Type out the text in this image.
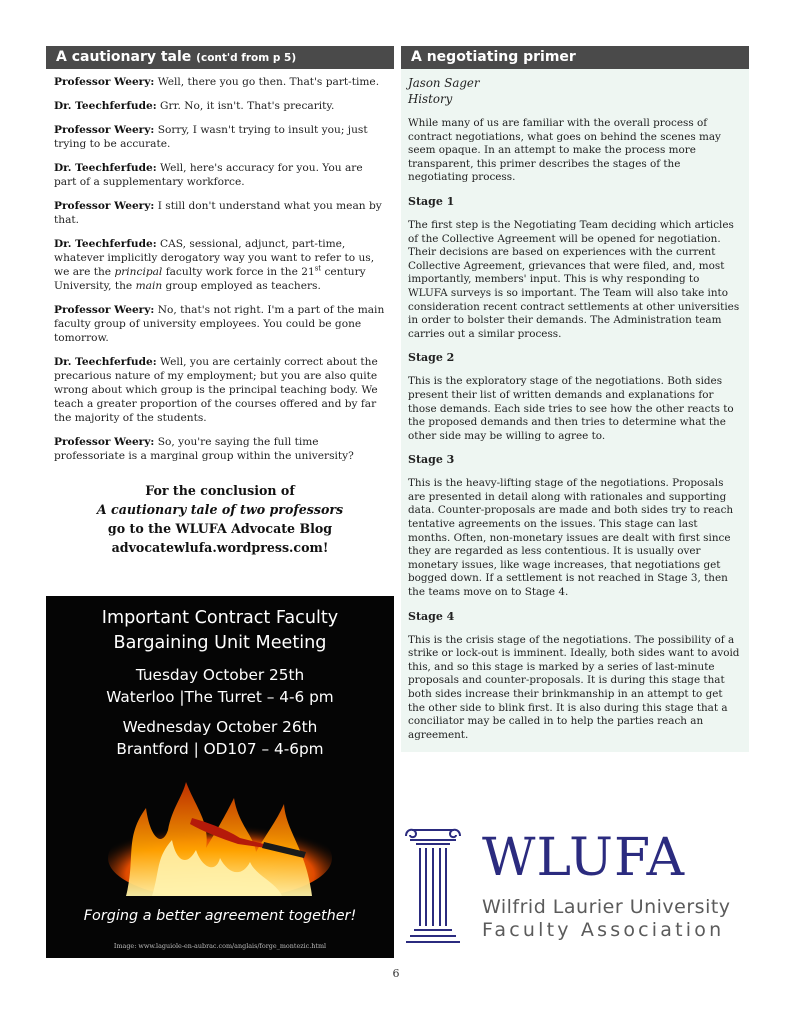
A cautionary tale (cont'd from p 5)

Professor Weery: Well, there you go then. That's part-time.

Dr. Teechferfude: Grr. No, it isn't. That's precarity.

Professor Weery: Sorry, I wasn't trying to insult you; just trying to be accurate.

Dr. Teechferfude: Well, here's accuracy for you. You are part of a supplementary workforce.

Professor Weery: I still don't understand what you mean by that.

Dr. Teechferfude: CAS, sessional, adjunct, part-time, whatever implicitly derogatory way you want to refer to us, we are the principal faculty work force in the 21st century University, the main group employed as teachers.

Professor Weery: No, that's not right. I'm a part of the main faculty group of university employees. You could be gone tomorrow.

Dr. Teechferfude: Well, you are certainly correct about the precarious nature of my employment; but you are also quite wrong about which group is the principal teaching body. We teach a greater proportion of the courses offered and by far the majority of the students.

Professor Weery: So, you're saying the full time professoriate is a marginal group within the university?

For the conclusion of
A cautionary tale of two professors
go to the WLUFA Advocate Blog
advocatewlufa.wordpress.com!
Important Contract Faculty
Bargaining Unit Meeting
Tuesday October 25th
Waterloo |The Turret – 4-6 pm
Wednesday October 26th
Brantford | OD107 – 4-6pm
Forging a better agreement together!
Image: www.laguiole-en-aubrac.com/anglais/forge_montezic.html
A negotiating primer
Jason Sager
History

While many of us are familiar with the overall process of contract negotiations, what goes on behind the scenes may seem opaque. In an attempt to make the process more transparent, this primer describes the stages of the negotiating process.

Stage 1

The first step is the Negotiating Team deciding which articles of the Collective Agreement will be opened for negotiation. Their decisions are based on experiences with the current Collective Agreement, grievances that were filed, and, most importantly, members' input. This is why responding to WLUFA surveys is so important. The Team will also take into consideration recent contract settlements at other universities in order to bolster their demands. The Administration team carries out a similar process.

Stage 2

This is the exploratory stage of the negotiations. Both sides present their list of written demands and explanations for those demands. Each side tries to see how the other reacts to the proposed demands and then tries to determine what the other side may be willing to agree to.

Stage 3

This is the heavy-lifting stage of the negotiations. Proposals are presented in detail along with rationales and supporting data. Counter-proposals are made and both sides try to reach tentative agreements on the issues. This stage can last months. Often, non-monetary issues are dealt with first since they are regarded as less contentious. It is usually over monetary issues, like wage increases, that negotiations get bogged down. If a settlement is not reached in Stage 3, then the teams move on to Stage 4.

Stage 4

This is the crisis stage of the negotiations. The possibility of a strike or lock-out is imminent. Ideally, both sides want to avoid this, and so this stage is marked by a series of last-minute proposals and counter-proposals. It is during this stage that both sides increase their brinkmanship in an attempt to get the other side to blink first. It is also during this stage that a conciliator may be called in to help the parties reach an agreement.

WLUFA
Wilfrid Laurier University
Faculty Association
6
